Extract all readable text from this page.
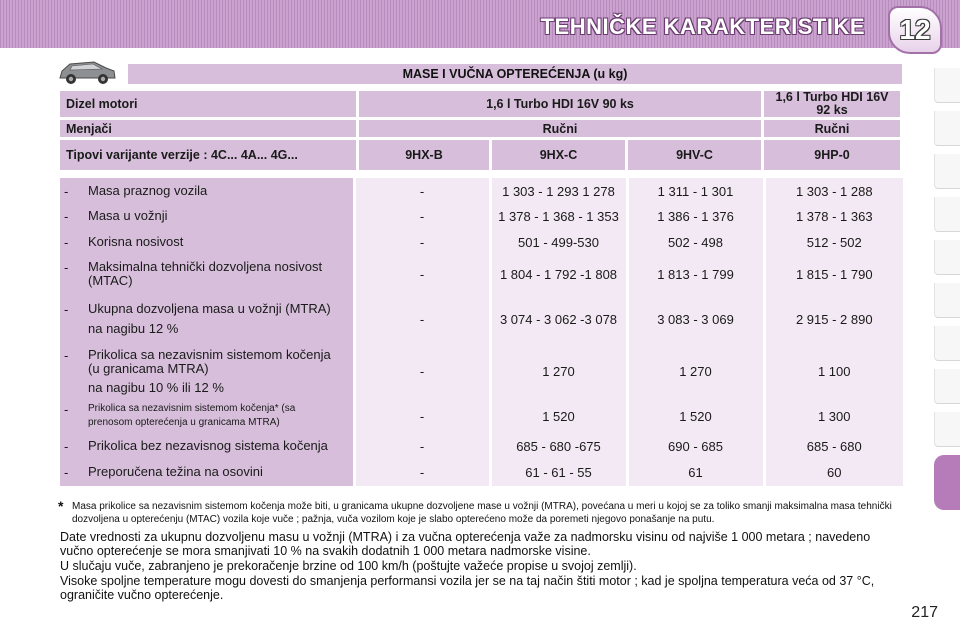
TEHNIČKE KARAKTERISTIKE	12
MASE I VUČNA OPTEREĆENJA (u kg)
Dizel motori	1,6 l Turbo HDI 16V 90 ks			1,6 l Turbo HDI 16V 92 ks
Menjači	Ručni			Ručni
Tipovi varijante verzije : 4C... 4A... 4G...	9HX-B	9HX-C	9HV-C	9HP-0
- Masa praznog vozila	-	1 303 - 1 293 1 278	1 311 - 1 301	1 303 - 1 288
- Masa u vožnji	-	1 378 - 1 368 - 1 353	1 386 - 1 376	1 378 - 1 363
- Korisna nosivost	-	501 - 499-530	502 - 498	512 - 502
- Maksimalna tehnički dozvoljena nosivost (MTAC)	-	1 804 - 1 792 -1 808	1 813 - 1 799	1 815 - 1 790
- Ukupna dozvoljena masa u vožnji (MTRA)
na nagibu 12 %	-	3 074 - 3 062 -3 078	3 083 - 3 069	2 915 - 2 890
- Prikolica sa nezavisnim sistemom kočenja (u granicama MTRA)
na nagibu 10 % ili 12 %	-	1 270	1 270	1 100
- Prikolica sa nezavisnim sistemom kočenja* (sa prenosom opterećenja u granicama MTRA)	-	1 520	1 520	1 300
- Prikolica bez nezavisnog sistema kočenja	-	685 - 680 -675	690 - 685	685 - 680
- Preporučena težina na osovini	-	61 - 61 - 55	61	60
* Masa prikolice sa nezavisnim sistemom kočenja može biti, u granicama ukupne dozvoljene mase u vožnji (MTRA), povećana u meri u kojoj se za toliko smanji maksimalna masa tehnički dozvoljena u opterećenju (MTAC) vozila koje vuče ; pažnja, vuča vozilom koje je slabo opterećeno može da poremeti njegovo ponašanje na putu.

Date vrednosti za ukupnu dozvoljenu masu u vožnji (MTRA) i za vučna opterećenja važe za nadmorsku visinu od najviše 1 000 metara ; navedeno vučno opterećenje se mora smanjivati 10 % na svakih dodatnih 1 000 metara nadmorske visine.

U slučaju vuče, zabranjeno je prekoračenje brzine od 100 km/h (poštujte važeće propise u svojoj zemlji).

Visoke spoljne temperature mogu dovesti do smanjenja performansi vozila jer se na taj način štiti motor ; kad je spoljna temperatura veća od 37 °C, ograničite vučno opterećenje.

217
